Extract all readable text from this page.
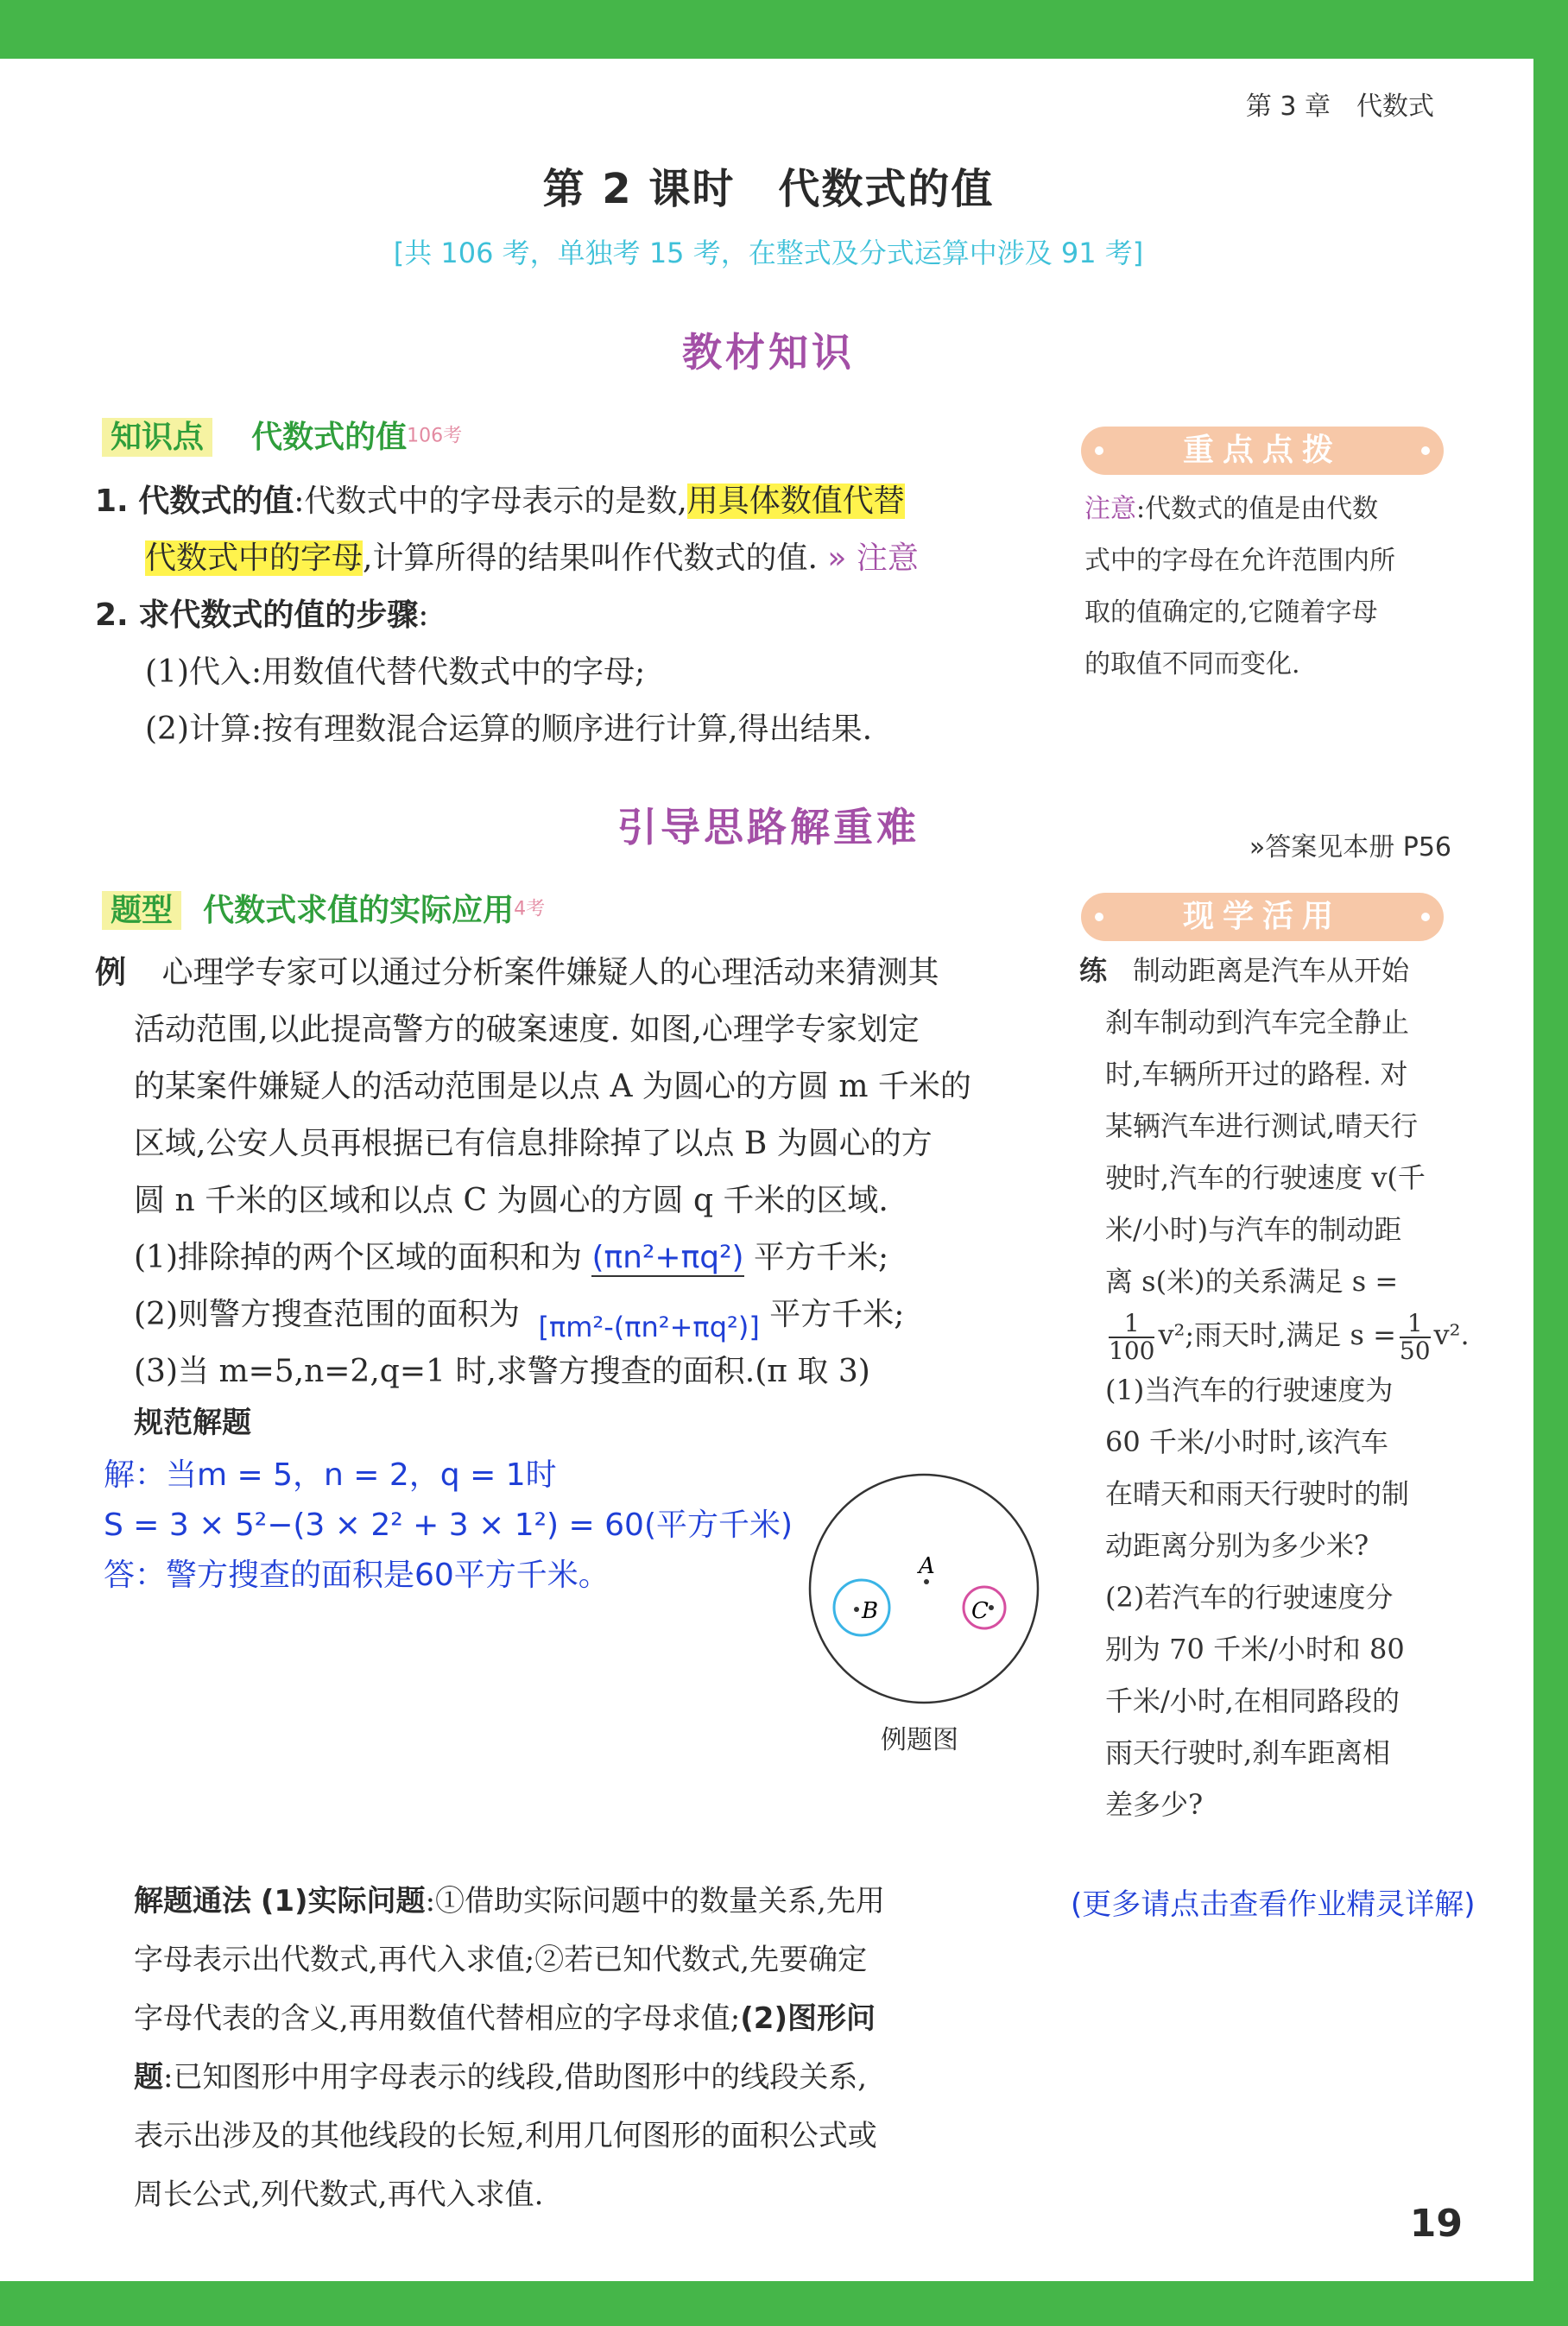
第 3 章　代数式
第 2 课时　代数式的值
[共 106 考，单独考 15 考，在整式及分式运算中涉及 91 考]
教材知识
知识点 代数式的值106考
1. 代数式的值:代数式中的字母表示的是数,用具体数值代替
代数式中的字母,计算所得的结果叫作代数式的值. » 注意
2. 求代数式的值的步骤:
(1)代入:用数值代替代数式中的字母;
(2)计算:按有理数混合运算的顺序进行计算,得出结果.
重点点拨
注意:代数式的值是由代数
式中的字母在允许范围内所
取的值确定的,它随着字母
的取值不同而变化.
引导思路解重难	»答案见本册 P56
题型 代数式求值的实际应用4考
例 心理学专家可以通过分析案件嫌疑人的心理活动来猜测其
活动范围,以此提高警方的破案速度. 如图,心理学专家划定
的某案件嫌疑人的活动范围是以点 A 为圆心的方圆 m 千米的
区域,公安人员再根据已有信息排除掉了以点 B 为圆心的方
圆 n 千米的区域和以点 C 为圆心的方圆 q 千米的区域.
(1)排除掉的两个区域的面积和为 (πn²+πq²) 平方千米;
(2)则警方搜查范围的面积为 [πm²-(πn²+πq²)] 平方千米;
(3)当 m=5,n=2,q=1 时,求警方搜查的面积.(π 取 3)
规范解题
解：当m = 5，n = 2，q = 1时
S = 3 × 5²−(3 × 2² + 3 × 1²) = 60(平方千米)
答：警方搜查的面积是60平方千米。	A
B	C
例题图
解题通法 (1)实际问题:①借助实际问题中的数量关系,先用
字母表示出代数式,再代入求值;②若已知代数式,先要确定
字母代表的含义,再用数值代替相应的字母求值;(2)图形问
题:已知图形中用字母表示的线段,借助图形中的线段关系,
表示出涉及的其他线段的长短,利用几何图形的面积公式或
周长公式,列代数式,再代入求值.
现学活用
练 制动距离是汽车从开始
刹车制动到汽车完全静止
时,车辆所开过的路程. 对
某辆汽车进行测试,晴天行
驶时,汽车的行驶速度 v(千
米/小时)与汽车的制动距
离 s(米)的关系满足 s =
$\frac{1}{100} v^2$;雨天时,满足 $s = \frac{1}{50} v^2$.
(1)当汽车的行驶速度为
60 千米/小时时,该汽车
在晴天和雨天行驶时的制
动距离分别为多少米?
(2)若汽车的行驶速度分
别为 70 千米/小时和 80
千米/小时,在相同路段的
雨天行驶时,刹车距离相
差多少?
(更多请点击查看作业精灵详解)
19
